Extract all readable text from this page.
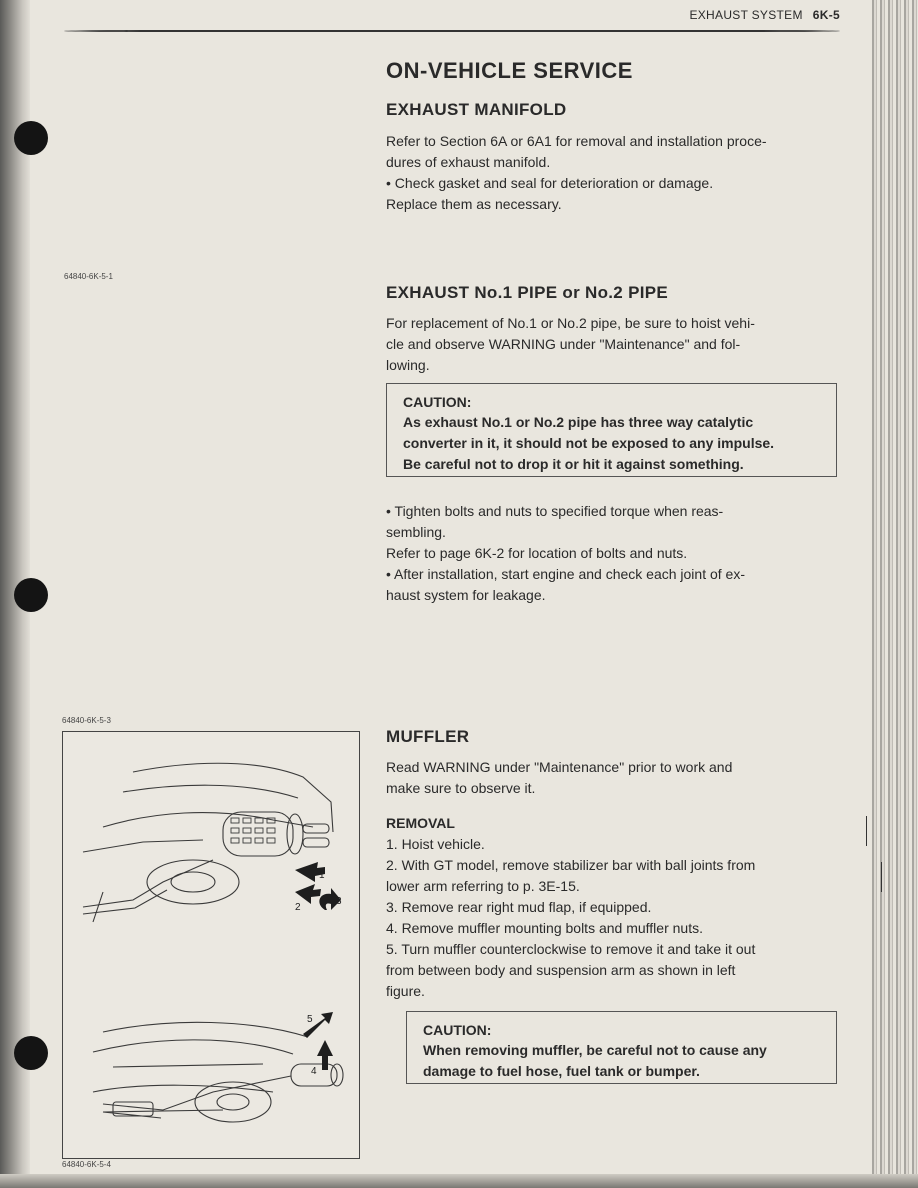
EXHAUST SYSTEM 6K-5
64840-6K-5-1
64840-6K-5-3
64840-6K-5-4
ON-VEHICLE SERVICE
EXHAUST MANIFOLD
Refer to Section 6A or 6A1 for removal and installation proce-
dures of exhaust manifold.
• Check gasket and seal for deterioration or damage.
Replace them as necessary.
EXHAUST No.1 PIPE or No.2 PIPE
For replacement of No.1 or No.2 pipe, be sure to hoist vehi-
cle and observe WARNING under "Maintenance" and fol-
lowing.
CAUTION:
As exhaust No.1 or No.2 pipe has three way catalytic
converter in it, it should not be exposed to any impulse.
Be careful not to drop it or hit it against something.
• Tighten bolts and nuts to specified torque when reas-
sembling.
Refer to page 6K-2 for location of bolts and nuts.
• After installation, start engine and check each joint of ex-
haust system for leakage.
MUFFLER
Read WARNING under "Maintenance" prior to work and
make sure to observe it.
REMOVAL
1. Hoist vehicle.
2. With GT model, remove stabilizer bar with ball joints from
lower arm referring to p. 3E-15.
3. Remove rear right mud flap, if equipped.
4. Remove muffler mounting bolts and muffler nuts.
5. Turn muffler counterclockwise to remove it and take it out
from between body and suspension arm as shown in left
figure.
CAUTION:
When removing muffler, be careful not to cause any
damage to fuel hose, fuel tank or bumper.
1
2
3
5
4
